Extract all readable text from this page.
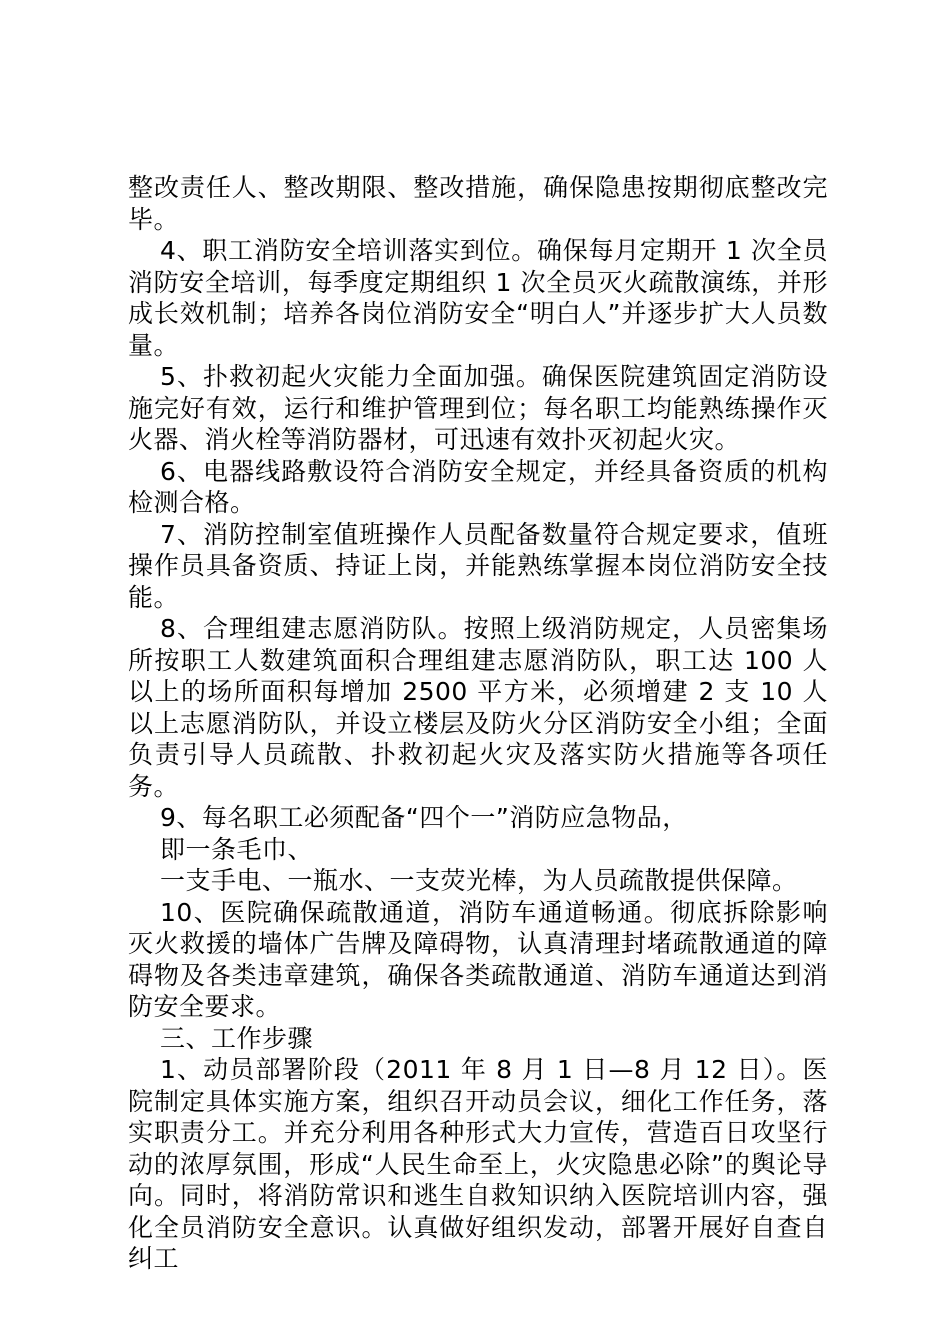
整改责任人、整改期限、整改措施，确保隐患按期彻底整改完毕。

4、职工消防安全培训落实到位。确保每月定期开 1 次全员消防安全培训，每季度定期组织 1 次全员灭火疏散演练，并形成长效机制；培养各岗位消防安全“明白人”并逐步扩大人员数量。

5、扑救初起火灾能力全面加强。确保医院建筑固定消防设施完好有效，运行和维护管理到位；每名职工均能熟练操作灭火器、消火栓等消防器材，可迅速有效扑灭初起火灾。

6、电器线路敷设符合消防安全规定，并经具备资质的机构检测合格。

7、消防控制室值班操作人员配备数量符合规定要求，值班操作员具备资质、持证上岗，并能熟练掌握本岗位消防安全技能。

8、合理组建志愿消防队。按照上级消防规定，人员密集场所按职工人数建筑面积合理组建志愿消防队，职工达 100 人以上的场所面积每增加 2500 平方米，必须增建 2 支 10 人以上志愿消防队，并设立楼层及防火分区消防安全小组；全面负责引导人员疏散、扑救初起火灾及落实防火措施等各项任务。

9、每名职工必须配备“四个一”消防应急物品，

即一条毛巾、

一支手电、一瓶水、一支荧光棒，为人员疏散提供保障。

10、医院确保疏散通道，消防车通道畅通。彻底拆除影响灭火救援的墙体广告牌及障碍物，认真清理封堵疏散通道的障碍物及各类违章建筑，确保各类疏散通道、消防车通道达到消防安全要求。

三、工作步骤

1、动员部署阶段（2011 年 8 月 1 日—8 月 12 日）。医院制定具体实施方案，组织召开动员会议，细化工作任务，落实职责分工。并充分利用各种形式大力宣传，营造百日攻坚行动的浓厚氛围，形成“人民生命至上，火灾隐患必除”的舆论导向。同时，将消防常识和逃生自救知识纳入医院培训内容，强化全员消防安全意识。认真做好组织发动，部署开展好自查自纠工
